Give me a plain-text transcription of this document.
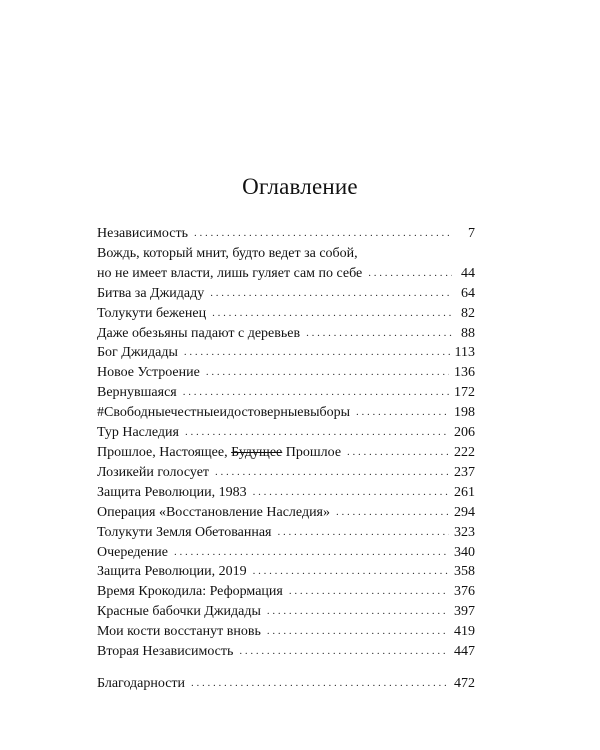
Оглавление
Независимость . . .	7
Вождь, который мнит, будто ведет за собой,
но не имеет власти, лишь гуляет сам по себе . . .	44
Битва за Джидаду . . .	64
Толукути беженец . . .	82
Даже обезьяны падают с деревьев . . .	88
Бог Джидады . . .	113
Новое Устроение . . .	136
Вернувшаяся . . .	172
#Свободныечестныеидостоверныевыборы . . .	198
Тур Наследия . . .	206
Прошлое, Настоящее, Будущее Прошлое . . .	222
Лозикейи голосует . . .	237
Защита Революции, 1983 . . .	261
Операция «Восстановление Наследия» . . .	294
Толукути Земля Обетованная . . .	323
Очередение . . .	340
Защита Революции, 2019 . . .	358
Время Крокодила: Реформация . . .	376
Красные бабочки Джидады . . .	397
Мои кости восстанут вновь . . .	419
Вторая Независимость . . .	447
Благодарности . . .	472
